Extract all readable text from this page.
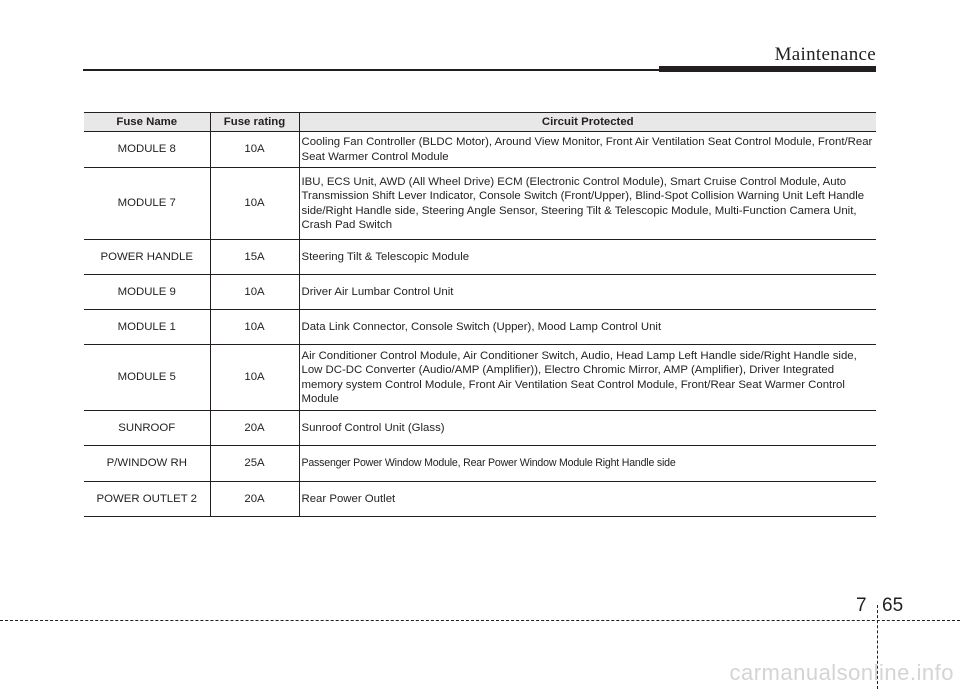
Maintenance
Fuse Name	Fuse rating	Circuit Protected
MODULE 8	10A	Cooling Fan Controller (BLDC Motor), Around View Monitor, Front Air Ventilation Seat Control Module, Front/Rear Seat Warmer Control Module
MODULE 7	10A	IBU, ECS Unit, AWD (All Wheel Drive) ECM (Electronic Control Module), Smart Cruise Control Module, Auto Transmission Shift Lever Indicator, Console Switch (Front/Upper), Blind-Spot Collision Warning Unit Left Handle side/Right Handle side, Steering Angle Sensor, Steering Tilt & Telescopic Module, Multi-Function Camera Unit, Crash Pad Switch
POWER HANDLE	15A	Steering Tilt & Telescopic Module
MODULE 9	10A	Driver Air Lumbar Control Unit
MODULE 1	10A	Data Link Connector, Console Switch (Upper), Mood Lamp Control Unit
MODULE 5	10A	Air Conditioner Control Module, Air Conditioner Switch, Audio, Head Lamp Left Handle side/Right Handle side, Low DC-DC Converter (Audio/AMP (Amplifier)), Electro Chromic Mirror, AMP (Amplifier), Driver Integrated memory system Control Module, Front Air Ventilation Seat Control Module, Front/Rear Seat Warmer Control Module
SUNROOF	20A	Sunroof Control Unit (Glass)
P/WINDOW RH	25A	Passenger Power Window Module, Rear Power Window Module Right Handle side
POWER OUTLET 2	20A	Rear Power Outlet
7 65
carmanualsonline.info
